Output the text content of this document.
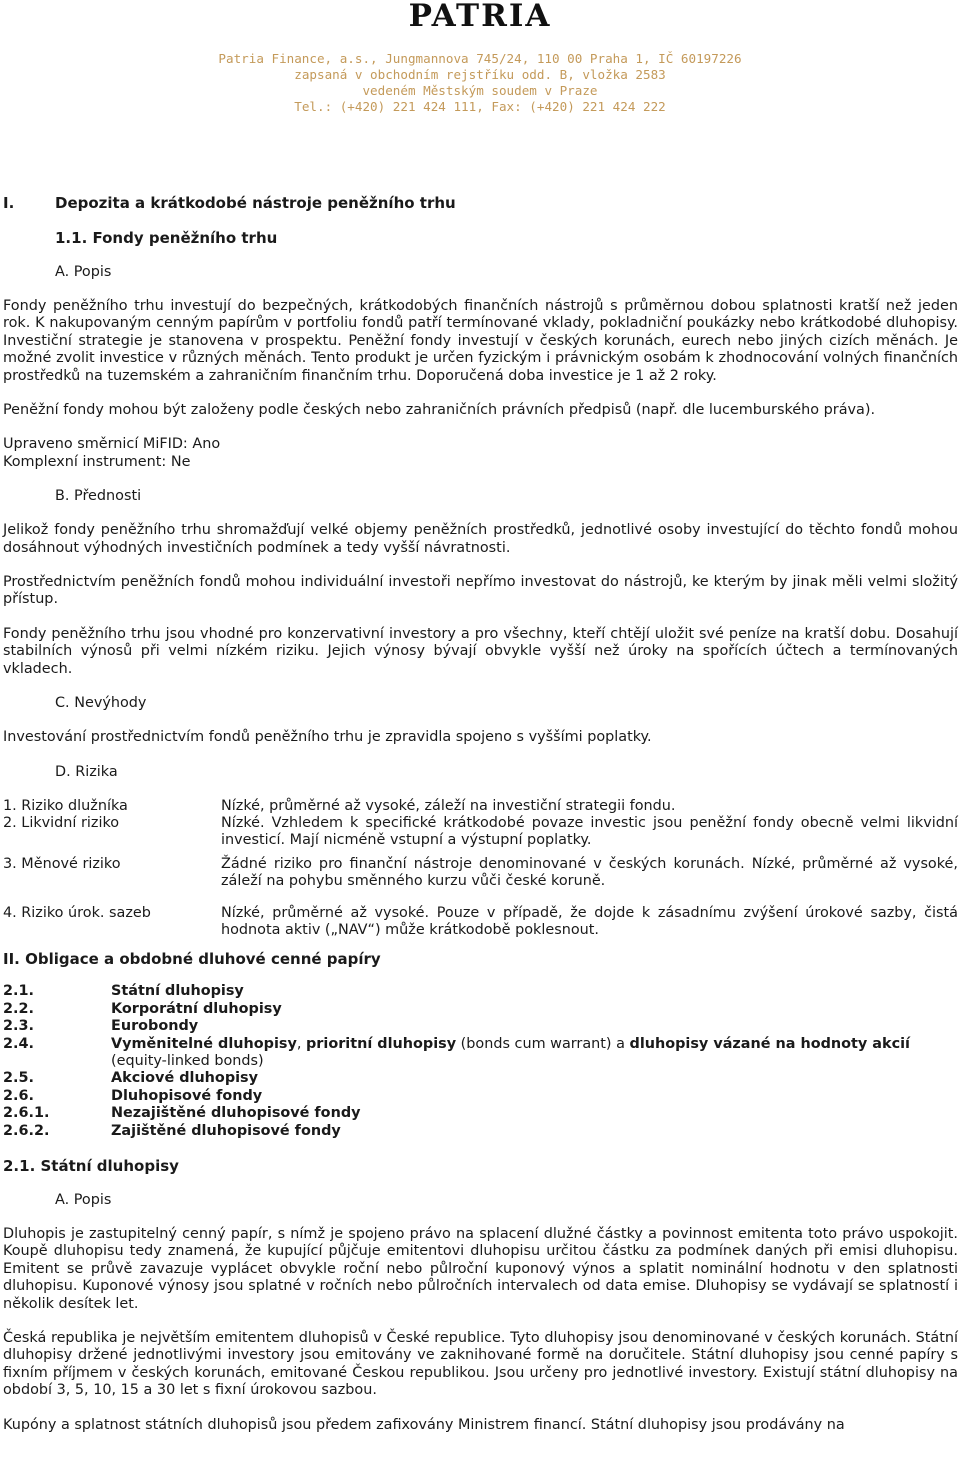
PATRIA
Patria Finance, a.s., Jungmannova 745/24, 110 00 Praha 1, IČ 60197226
zapsaná v obchodním rejstříku odd. B, vložka 2583
vedeném Městským soudem v Praze
Tel.: (+420) 221 424 111, Fax: (+420) 221 424 222
I.	Depozita a krátkodobé nástroje peněžního trhu
1.1. Fondy peněžního trhu
A. Popis

Fondy peněžního trhu investují do bezpečných, krátkodobých finančních nástrojů s průměrnou dobou splatnosti kratší než jeden rok. K nakupovaným cenným papírům v portfoliu fondů patří termínované vklady, pokladniční poukázky nebo krátkodobé dluhopisy. Investiční strategie je stanovena v prospektu. Peněžní fondy investují v českých korunách, eurech nebo jiných cizích měnách. Je možné zvolit investice v různých měnách. Tento produkt je určen fyzickým i právnickým osobám k zhodnocování volných finančních prostředků na tuzemském a zahraničním finančním trhu. Doporučená doba investice je 1 až 2 roky.

Peněžní fondy mohou být založeny podle českých nebo zahraničních právních předpisů (např. dle lucemburského práva).

Upraveno směrnicí MiFID: Ano

Komplexní instrument: Ne

B. Přednosti

Jelikož fondy peněžního trhu shromažďují velké objemy peněžních prostředků, jednotlivé osoby investující do těchto fondů mohou dosáhnout výhodných investičních podmínek a tedy vyšší návratnosti.

Prostřednictvím peněžních fondů mohou individuální investoři nepřímo investovat do nástrojů, ke kterým by jinak měli velmi složitý přístup.

Fondy peněžního trhu jsou vhodné pro konzervativní investory a pro všechny, kteří chtějí uložit své peníze na kratší dobu. Dosahují stabilních výnosů při velmi nízkém riziku. Jejich výnosy bývají obvykle vyšší než úroky na spořících účtech a termínovaných vkladech.

C. Nevýhody

Investování prostřednictvím fondů peněžního trhu je zpravidla spojeno s vyššími poplatky.

D. Rizika
1. Riziko dlužníka	Nízké, průměrné až vysoké, záleží na investiční strategii fondu.
2. Likvidní riziko	Nízké. Vzhledem k specifické krátkodobé povaze investic jsou peněžní fondy obecně velmi likvidní investicí. Mají nicméně vstupní a výstupní poplatky.
3. Měnové riziko	Žádné riziko pro finanční nástroje denominované v českých korunách. Nízké, průměrné až vysoké, záleží na pohybu směnného kurzu vůči české koruně.
4. Riziko úrok. sazeb	Nízké, průměrné až vysoké. Pouze v případě, že dojde k zásadnímu zvýšení úrokové sazby, čistá hodnota aktiv („NAV“) může krátkodobě poklesnout.
II. Obligace a obdobné dluhové cenné papíry
2.1.	Státní dluhopisy
2.2.	Korporátní dluhopisy
2.3.	Eurobondy
2.4.	Vyměnitelné dluhopisy, prioritní dluhopisy (bonds cum warrant) a dluhopisy vázané na hodnoty akcií (equity-linked bonds)
2.5.	Akciové dluhopisy
2.6.	Dluhopisové fondy
2.6.1.	Nezajištěné dluhopisové fondy
2.6.2.	Zajištěné dluhopisové fondy
2.1. Státní dluhopisy
A. Popis

Dluhopis je zastupitelný cenný papír, s nímž je spojeno právo na splacení dlužné částky a povinnost emitenta toto právo uspokojit. Koupě dluhopisu tedy znamená, že kupující půjčuje emitentovi dluhopisu určitou částku za podmínek daných při emisi dluhopisu. Emitent se průvě zavazuje vyplácet obvykle roční nebo půlroční kuponový výnos a splatit nominální hodnotu v den splatnosti dluhopisu. Kuponové výnosy jsou splatné v ročních nebo půlročních intervalech od data emise. Dluhopisy se vydávají se splatností i několik desítek let.

Česká republika je největším emitentem dluhopisů v České republice. Tyto dluhopisy jsou denominované v českých korunách. Státní dluhopisy držené jednotlivými investory jsou emitovány ve zaknihované formě na doručitele. Státní dluhopisy jsou cenné papíry s fixním příjmem v českých korunách, emitované Českou republikou. Jsou určeny pro jednotlivé investory. Existují státní dluhopisy na období 3, 5, 10, 15 a 30 let s fixní úrokovou sazbou.

Kupóny a splatnost státních dluhopisů jsou předem zafixovány Ministrem financí. Státní dluhopisy jsou prodávány na
